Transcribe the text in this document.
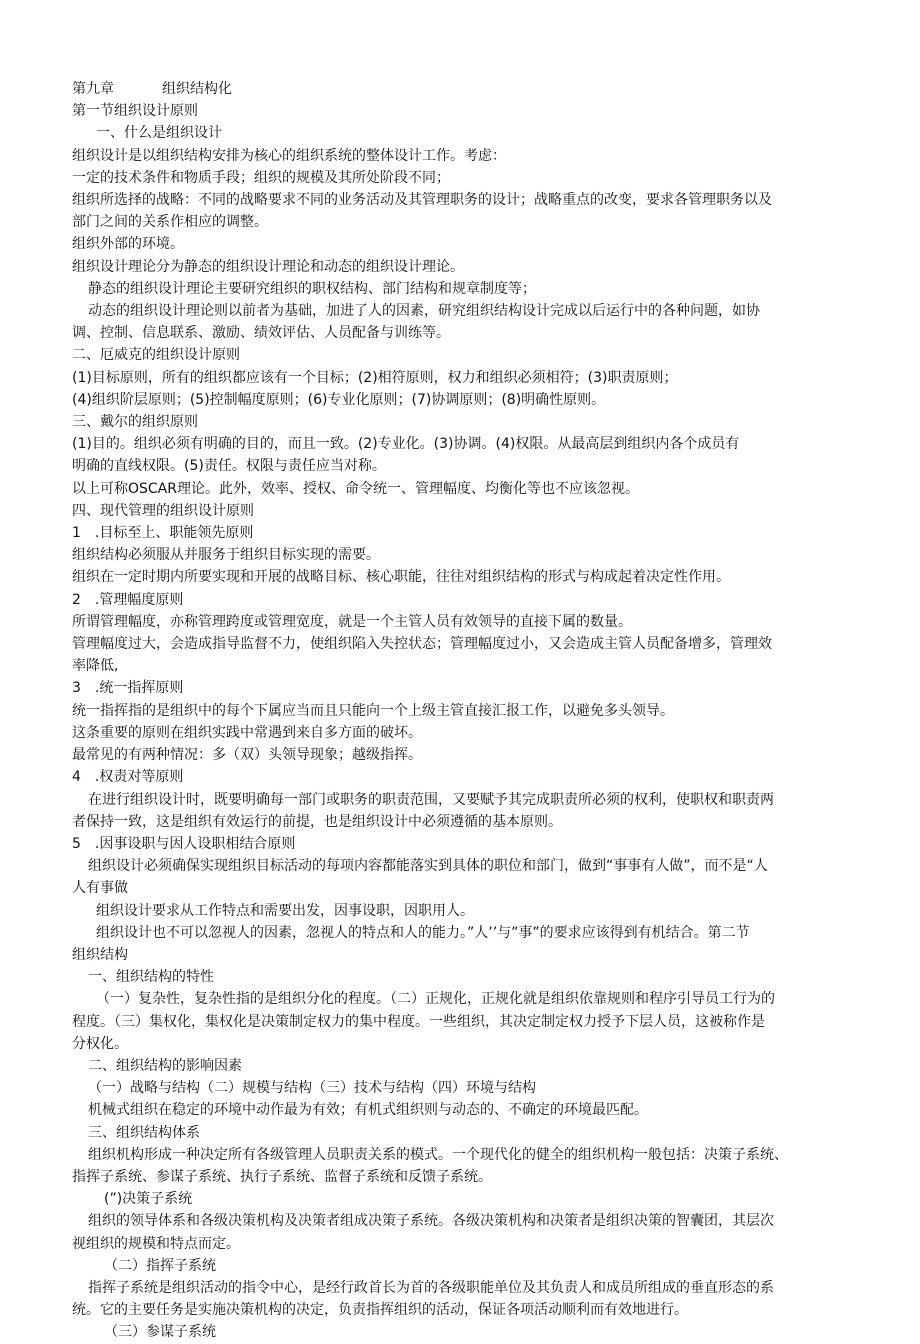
第九章	组织结构化
第一节组织设计原则
一、什么是组织设计
组织设计是以组织结构安排为核心的组织系统的整体设计工作。考虑：
一定的技术条件和物质手段；组织的规模及其所处阶段不同；
组织所选择的战略：不同的战略要求不同的业务活动及其管理职务的设计；战略重点的改变，要求各管理职务以及
部门之间的关系作相应的调整。
组织外部的环境。
组织设计理论分为静态的组织设计理论和动态的组织设计理论。
静态的组织设计理论主要研究组织的职权结构、部门结构和规章制度等；
动态的组织设计理论则以前者为基础，加进了人的因素，研究组织结构设计完成以后运行中的各种问题，如协
调、控制、信息联系、激励、绩效评估、人员配备与训练等。
二、厄威克的组织设计原则
(1)目标原则，所有的组织都应该有一个目标；(2)相符原则，权力和组织必须相符；(3)职责原则；
(4)组织阶层原则；(5)控制幅度原则；(6)专业化原则；(7)协调原则；(8)明确性原则。
三、戴尔的组织原则
(1)目的。组织必须有明确的目的，而且一致。(2)专业化。(3)协调。(4)权限。从最高层到组织内各个成员有
明确的直线权限。(5)责任。权限与责任应当对称。
以上可称OSCAR理论。此外，效率、授权、命令统一、管理幅度、均衡化等也不应该忽视。
四、现代管理的组织设计原则
1　.目标至上、职能领先原则
组织结构必须服从并服务于组织目标实现的需要。
组织在一定时期内所要实现和开展的战略目标、核心职能，往往对组织结构的形式与构成起着决定性作用。
2　.管理幅度原则
所谓管理幅度，亦称管理跨度或管理宽度，就是一个主管人员有效领导的直接下属的数量。
管理幅度过大，会造成指导监督不力，使组织陷入失控状态；管理幅度过小，又会造成主管人员配备增多，管理效
率降低,
3　.统一指挥原则
统一指挥指的是组织中的每个下属应当而且只能向一个上级主管直接汇报工作，以避免多头领导。
这条重要的原则在组织实践中常遇到来自多方面的破坏。
最常见的有两种情况：多（双）头领导现象；越级指挥。
4　.权责对等原则
在进行组织设计时，既要明确每一部门或职务的职责范围，又要赋予其完成职责所必须的权利，使职权和职责两
者保持一致，这是组织有效运行的前提，也是组织设计中必须遵循的基本原则。
5　.因事设职与因人设职相结合原则
组织设计必须确保实现组织目标活动的每项内容都能落实到具体的职位和部门，做到“事事有人做”，而不是“人
人有事做
组织设计要求从工作特点和需要出发，因事设职，因职用人。
组织设计也不可以忽视人的因素，忽视人的特点和人的能力。”人’’与”事”的要求应该得到有机结合。第二节
组织结构
一、组织结构的特性
（一）复杂性，复杂性指的是组织分化的程度。（二）正规化，正规化就是组织依靠规则和程序引导员工行为的
程度。（三）集权化，集权化是决策制定权力的集中程度。一些组织，其决定制定权力授予下层人员，这被称作是
分权化。
二、组织结构的影响因素
（一）战略与结构（二）规模与结构（三）技术与结构（四）环境与结构
机械式组织在稳定的环境中动作最为有效；有机式组织则与动态的、不确定的环境最匹配。
三、组织结构体系
组织机构形成一种决定所有各级管理人员职责关系的模式。一个现代化的健全的组织机构一般包括：决策子系统、
指挥子系统、参谋子系统、执行子系统、监督子系统和反馈子系统。
(”)决策子系统
组织的领导体系和各级决策机构及决策者组成决策子系统。各级决策机构和决策者是组织决策的智囊团，其层次
视组织的规模和特点而定。
（二）指挥子系统
指挥子系统是组织活动的指令中心，是经行政首长为首的各级职能单位及其负责人和成员所组成的垂直形态的系
统。它的主要任务是实施决策机构的决定，负责指挥组织的活动，保证各项活动顺利而有效地进行。
（三）参谋子系统
